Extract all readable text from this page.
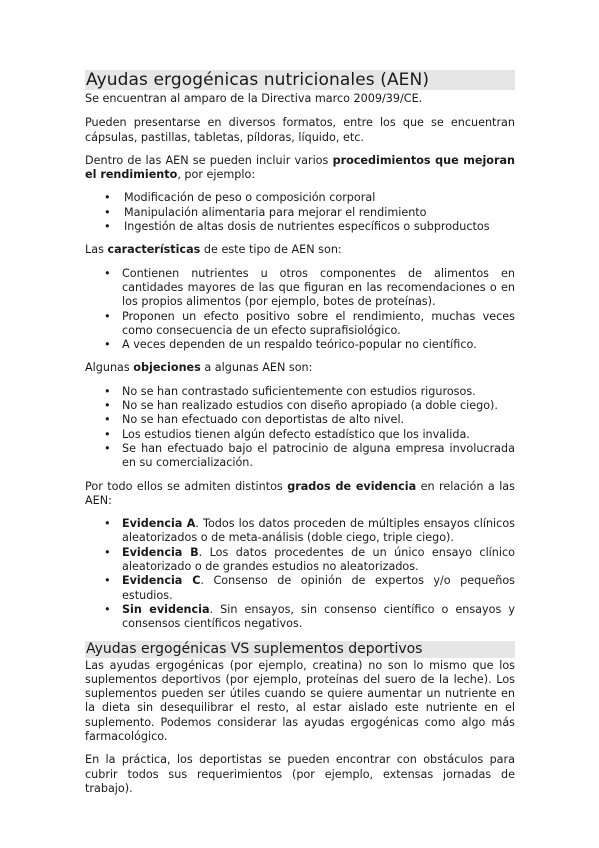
Ayudas ergogénicas nutricionales (AEN)

Se encuentran al amparo de la Directiva marco 2009/39/CE.

Pueden presentarse en diversos formatos, entre los que se encuentran cápsulas, pastillas, tabletas, píldoras, líquido, etc.

Dentro de las AEN se pueden incluir varios procedimientos que mejoran el rendimiento, por ejemplo:

• Modificación de peso o composición corporal
• Manipulación alimentaria para mejorar el rendimiento
• Ingestión de altas dosis de nutrientes específicos o subproductos

Las características de este tipo de AEN son:

• Contienen nutrientes u otros componentes de alimentos en cantidades mayores de las que figuran en las recomendaciones o en los propios alimentos (por ejemplo, botes de proteínas).
• Proponen un efecto positivo sobre el rendimiento, muchas veces como consecuencia de un efecto suprafisiológico.
• A veces dependen de un respaldo teórico-popular no científico.

Algunas objeciones a algunas AEN son:

• No se han contrastado suficientemente con estudios rigurosos.
• No se han realizado estudios con diseño apropiado (a doble ciego).
• No se han efectuado con deportistas de alto nivel.
• Los estudios tienen algún defecto estadístico que los invalida.
• Se han efectuado bajo el patrocinio de alguna empresa involucrada en su comercialización.

Por todo ellos se admiten distintos grados de evidencia en relación a las AEN:

• Evidencia A. Todos los datos proceden de múltiples ensayos clínicos aleatorizados o de meta-análisis (doble ciego, triple ciego).
• Evidencia B. Los datos procedentes de un único ensayo clínico aleatorizado o de grandes estudios no aleatorizados.
• Evidencia C. Consenso de opinión de expertos y/o pequeños estudios.
• Sin evidencia. Sin ensayos, sin consenso científico o ensayos y consensos científicos negativos.
Ayudas ergogénicas VS suplementos deportivos

Las ayudas ergogénicas (por ejemplo, creatina) no son lo mismo que los suplementos deportivos (por ejemplo, proteínas del suero de la leche). Los suplementos pueden ser útiles cuando se quiere aumentar un nutriente en la dieta sin desequilibrar el resto, al estar aislado este nutriente en el suplemento. Podemos considerar las ayudas ergogénicas como algo más farmacológico.

En la práctica, los deportistas se pueden encontrar con obstáculos para cubrir todos sus requerimientos (por ejemplo, extensas jornadas de trabajo).
